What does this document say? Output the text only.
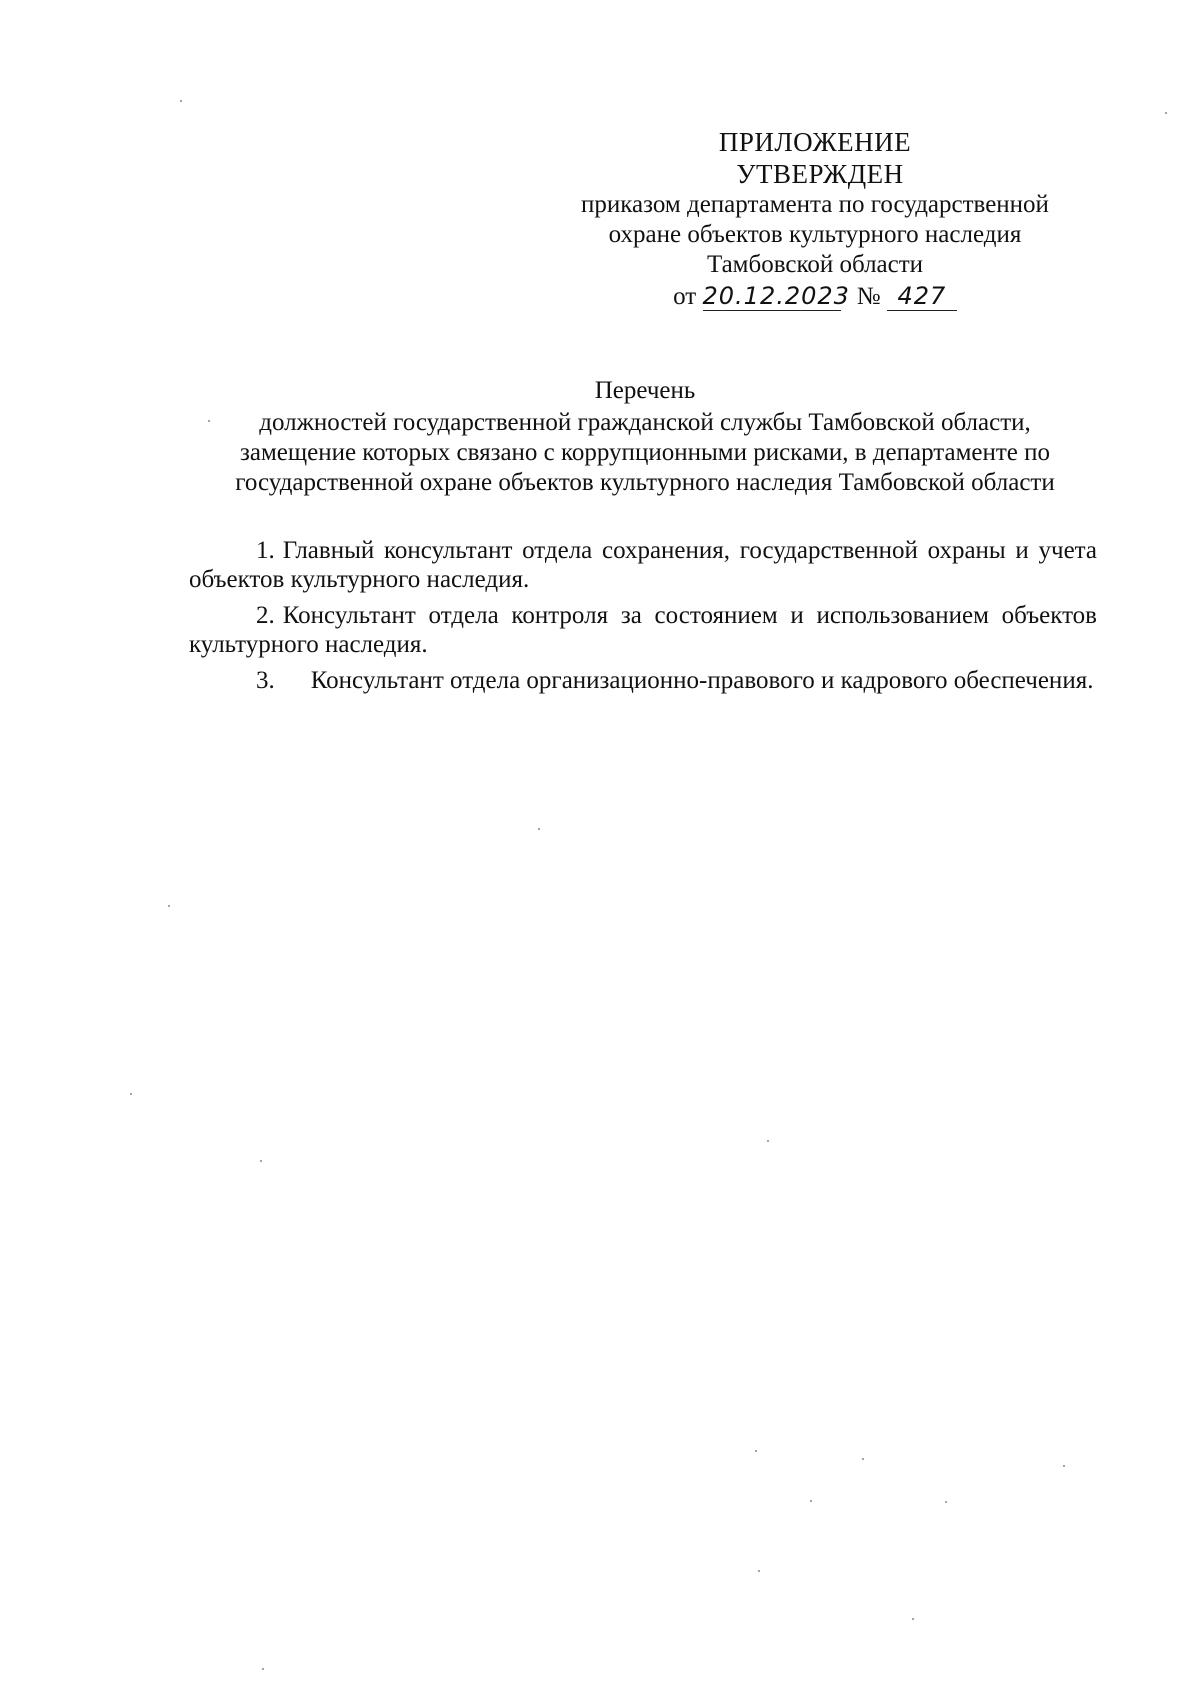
ПРИЛОЖЕНИЕ
УТВЕРЖДЕН
приказом департамента по государственной
охране объектов культурного наследия
Тамбовской области
от 20.12.2023 № 427
Перечень
должностей государственной гражданской службы Тамбовской области,
замещение которых связано с коррупционными рисками, в департаменте по
государственной охране объектов культурного наследия Тамбовской области

1. Главный консультант отдела сохранения, государственной охраны и учета объектов культурного наследия.

2. Консультант отдела контроля за состоянием и использованием объектов культурного наследия.

3. Консультант отдела организационно-правового и кадрового обеспечения.
